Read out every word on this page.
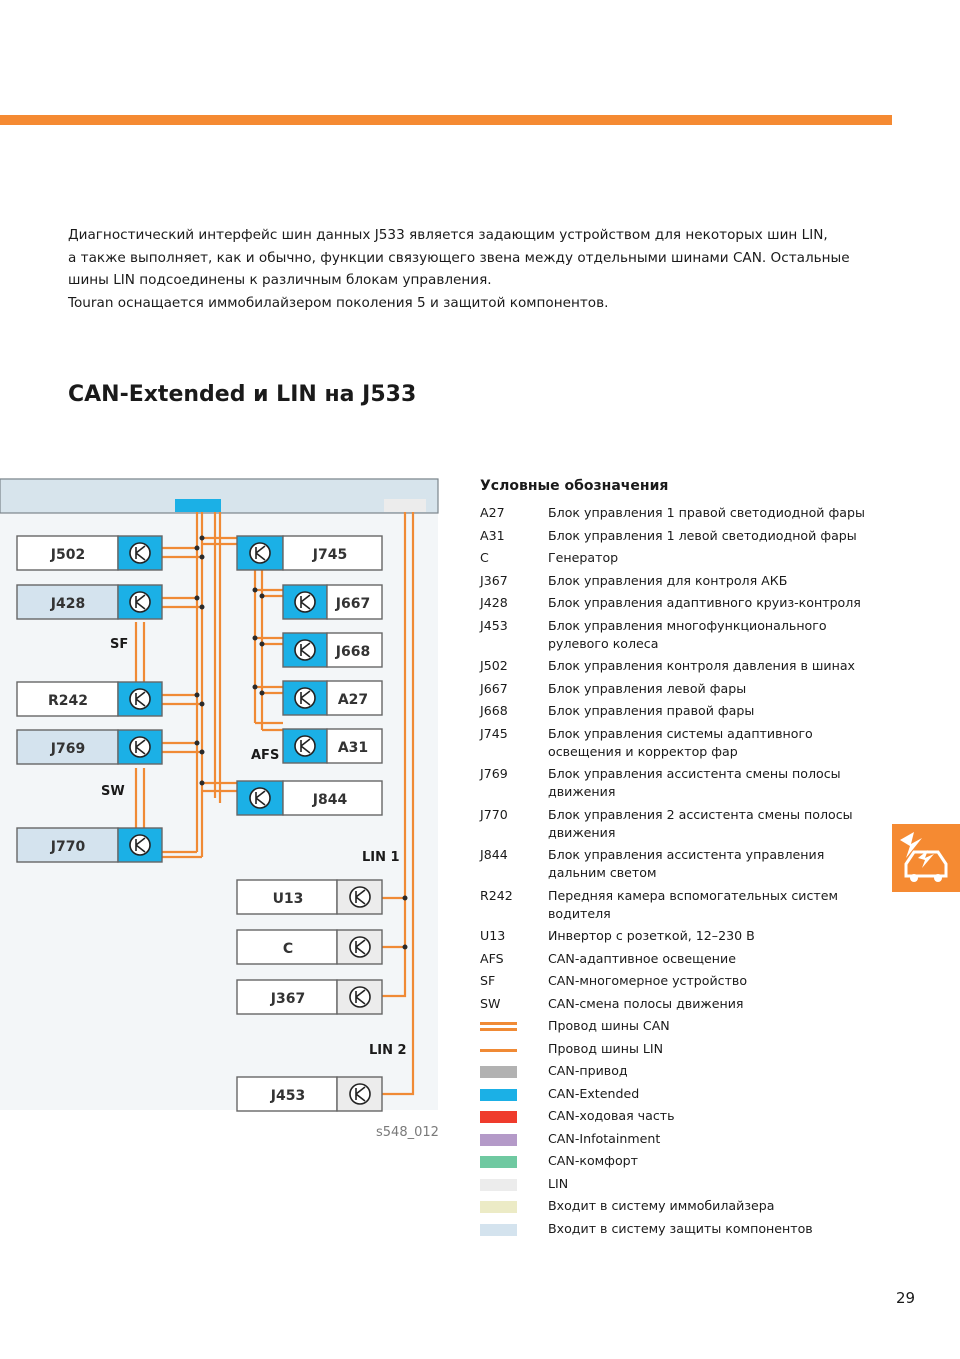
Диагностический интерфейс шин данных J533 является задающим устройством для некоторых шин LIN,

а также выполняет, как и обычно, функции связующего звена между отдельными шинами CAN. Остальные

шины LIN подсоединены к различным блокам управления.

Touran оснащается иммобилайзером поколения 5 и защитой компонентов.

CAN-Extended и LIN на J533
J502
J428
R242
J769
J770
J745
J844
J667
J668
A27
A31
U13
C
J367
J453
SF
SW
AFS
LIN 1
LIN 2
s548_012
Условные обозначения
A27	Блок управления 1 правой светодиодной фары
A31	Блок управления 1 левой светодиодной фары
C	Генератор
J367	Блок управления для контроля АКБ
J428	Блок управления адаптивного круиз-контроля
J453	Блок управления многофункционального рулевого колеса
J502	Блок управления контроля давления в шинах
J667	Блок управления левой фары
J668	Блок управления правой фары
J745	Блок управления системы адаптивного освещения и корректор фар
J769	Блок управления ассистента смены полосы движения
J770	Блок управления 2 ассистента смены полосы движения
J844	Блок управления ассистента управления дальним светом
R242	Передняя камера вспомогательных систем водителя
U13	Инвертор с розеткой, 12–230 В
AFS	CAN-адаптивное освещение
SF	CAN-многомерное устройство
SW	CAN-смена полосы движения
Провод шины CAN
Провод шины LIN
CAN-привод
CAN-Extended
CAN-ходовая часть
CAN-Infotainment
CAN-комфорт
LIN
Входит в систему иммобилайзера
Входит в систему защиты компонентов
29
